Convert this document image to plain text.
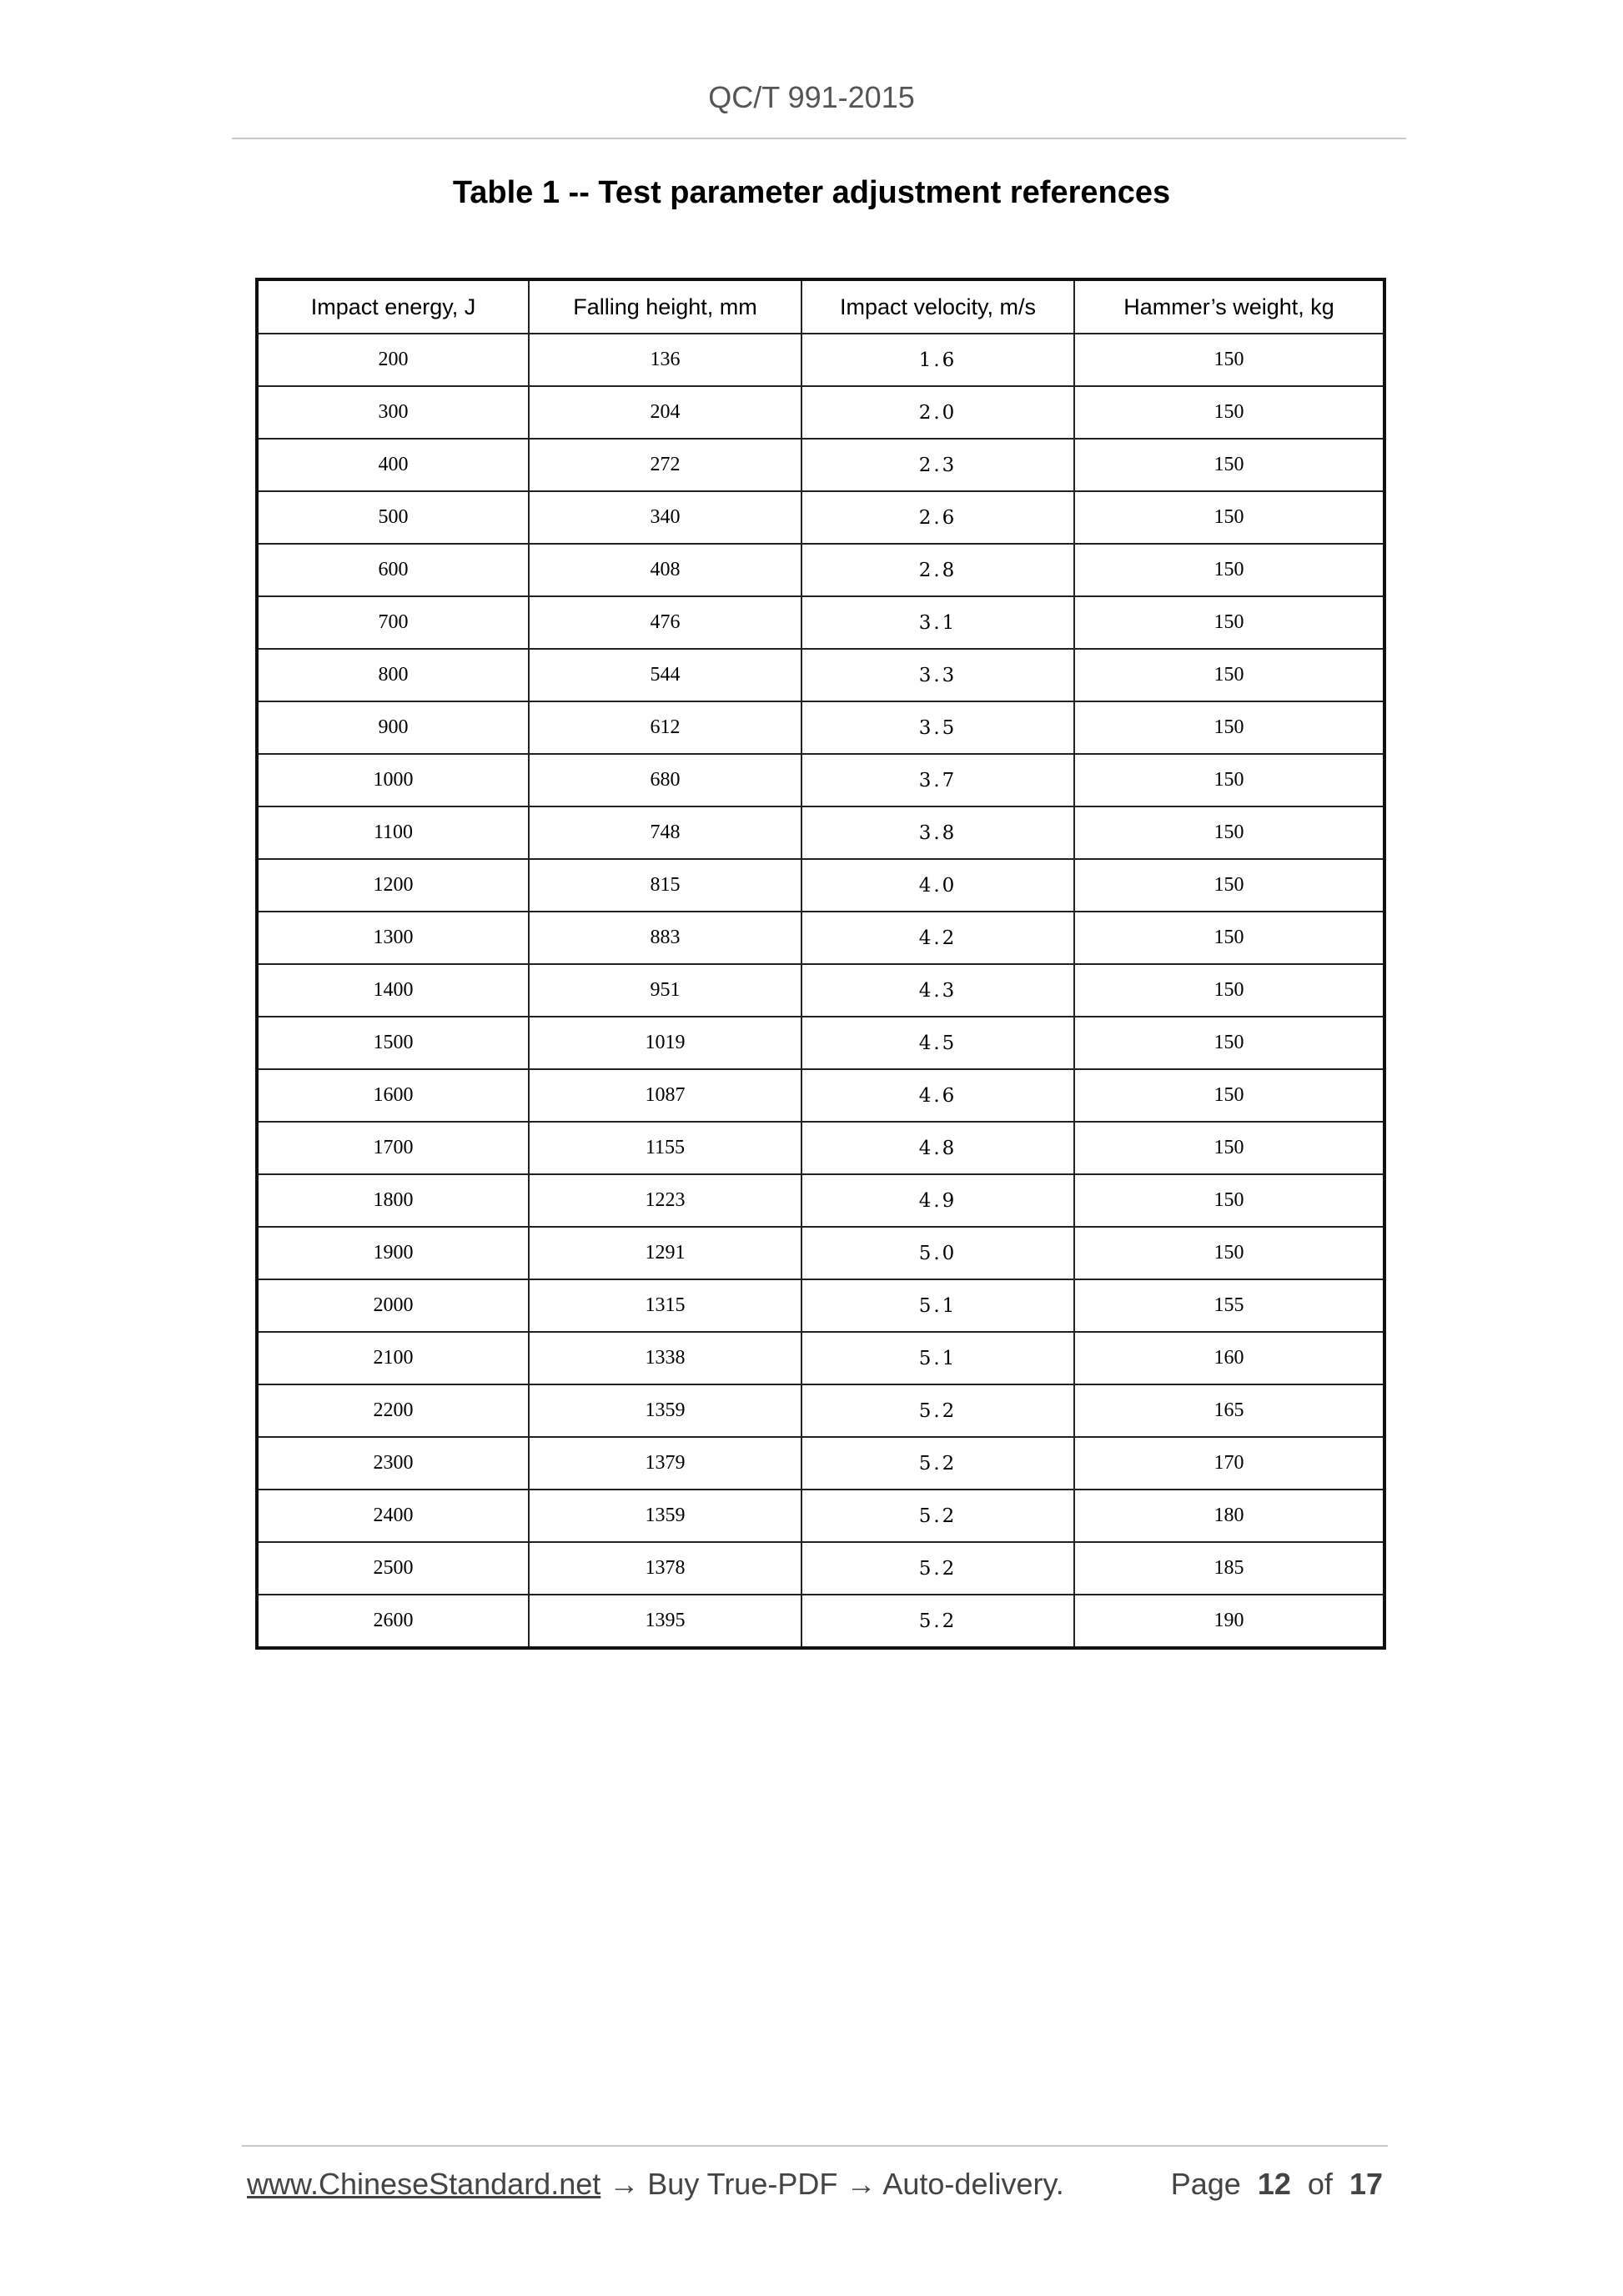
QC/T 991-2015
Table 1 -- Test parameter adjustment references
Impact energy, J	Falling height, mm	Impact velocity, m/s	Hammer’s weight, kg
200	136	1.6	150
300	204	2.0	150
400	272	2.3	150
500	340	2.6	150
600	408	2.8	150
700	476	3.1	150
800	544	3.3	150
900	612	3.5	150
1000	680	3.7	150
1100	748	3.8	150
1200	815	4.0	150
1300	883	4.2	150
1400	951	4.3	150
1500	1019	4.5	150
1600	1087	4.6	150
1700	1155	4.8	150
1800	1223	4.9	150
1900	1291	5.0	150
2000	1315	5.1	155
2100	1338	5.1	160
2200	1359	5.2	165
2300	1379	5.2	170
2400	1359	5.2	180
2500	1378	5.2	185
2600	1395	5.2	190
www.ChineseStandard.net → Buy True-PDF → Auto-delivery.	Page 12 of 17
